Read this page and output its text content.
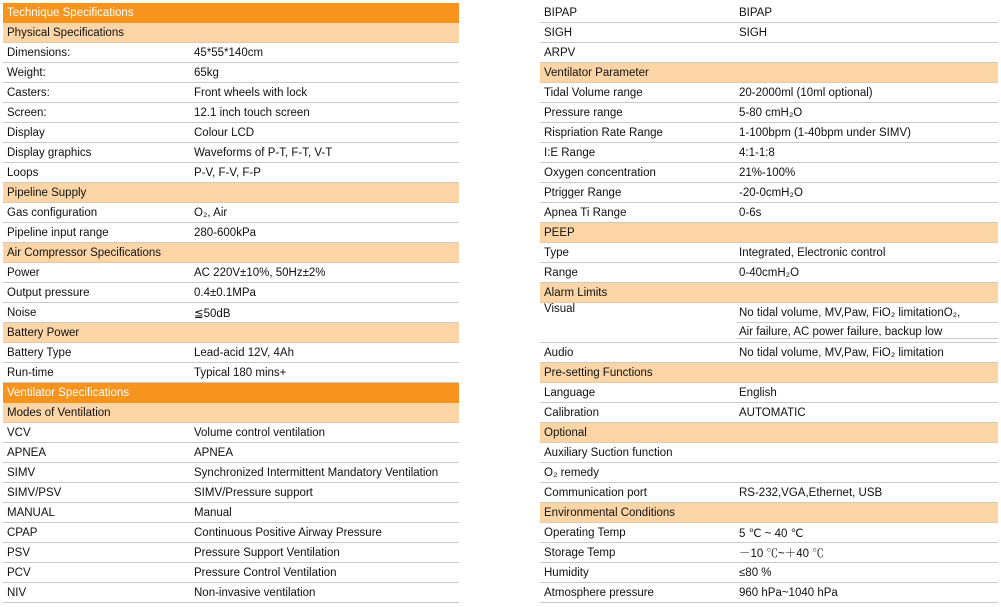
Technique Specifications
Physical Specifications
Dimensions:	45*55*140cm
Weight:	65kg
Casters:	Front wheels with lock
Screen:	12.1 inch touch screen
Display	Colour LCD
Display graphics	Waveforms of P-T, F-T, V-T
Loops	P-V, F-V, F-P
Pipeline Supply
Gas configuration	O₂, Air
Pipeline input range	280-600kPa
Air Compressor Specifications
Power	AC 220V±10%, 50Hz±2%
Output pressure	0.4±0.1MPa
Noise	≦50dB
Battery Power
Battery Type	Lead-acid 12V, 4Ah
Run-time	Typical 180 mins+
Ventilator Specifications
Modes of Ventilation
VCV	Volume control ventilation
APNEA	APNEA
SIMV	Synchronized Intermittent Mandatory Ventilation
SIMV/PSV	SIMV/Pressure support
MANUAL	Manual
CPAP	Continuous Positive Airway Pressure
PSV	Pressure Support Ventilation
PCV	Pressure Control Ventilation
NIV	Non-invasive ventilation
BIPAP	BIPAP
SIGH	SIGH
ARPV
Ventilator Parameter
Tidal Volume range	20-2000ml (10ml optional)
Pressure range	5-80 cmH₂O
Rispriation Rate Range	1-100bpm (1-40bpm under SIMV)
I:E Range	4:1-1:8
Oxygen concentration	21%-100%
Ptrigger Range	-20-0cmH₂O
Apnea Ti Range	0-6s
PEEP
Type	Integrated, Electronic control
Range	0-40cmH₂O
Alarm Limits
Visual	No tidal volume, MV,Paw, FiO₂ limitationO₂,
Air failure, AC power failure, backup low
Audio	No tidal volume, MV,Paw, FiO₂ limitation
Pre-setting Functions
Language	English
Calibration	AUTOMATIC
Optional
Auxiliary Suction function
O₂ remedy
Communication port	RS-232,VGA,Ethernet, USB
Environmental Conditions
Operating Temp	5 ℃ ~ 40 ℃
Storage Temp	－10 ℃~＋40 ℃
Humidity	≤80 %
Atmosphere pressure	960 hPa~1040 hPa
